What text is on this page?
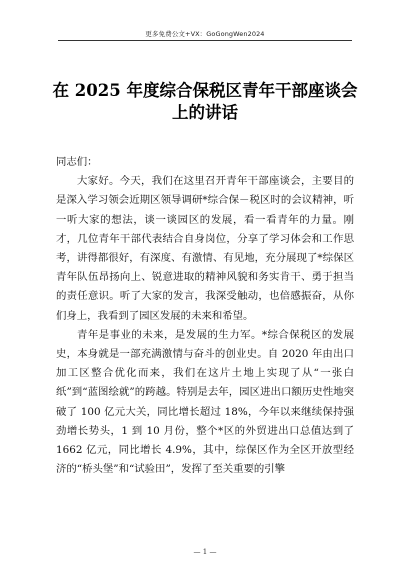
更多免费公文+VX：GoGongWen2024
在 2025 年度综合保税区青年干部座谈会上的讲话

同志们：

大家好。今天，我们在这里召开青年干部座谈会，主要目的是深入学习领会近期区领导调研*综合保－税区时的会议精神，听一听大家的想法，谈一谈园区的发展，看一看青年的力量。刚才，几位青年干部代表结合自身岗位，分享了学习体会和工作思考，讲得都很好，有深度、有激情、有见地，充分展现了*综保区青年队伍昂扬向上、锐意进取的精神风貌和务实肯干、勇于担当的责任意识。听了大家的发言，我深受触动，也倍感振奋，从你们身上，我看到了园区发展的未来和希望。

青年是事业的未来，是发展的生力军。*综合保税区的发展史，本身就是一部充满激情与奋斗的创业史。自 2020 年由出口加工区整合优化而来，我们在这片土地上实现了从“一张白纸”到“蓝图绘就”的跨越。特别是去年，园区进出口额历史性地突破了 100 亿元大关，同比增长超过 18%，今年以来继续保持强劲增长势头，1 到 10 月份，整个*区的外贸进出口总值达到了 1662 亿元，同比增长 4.9%，其中，综保区作为全区开放型经济的“桥头堡”和“试验田”，发挥了至关重要的引擎

— 1 —
